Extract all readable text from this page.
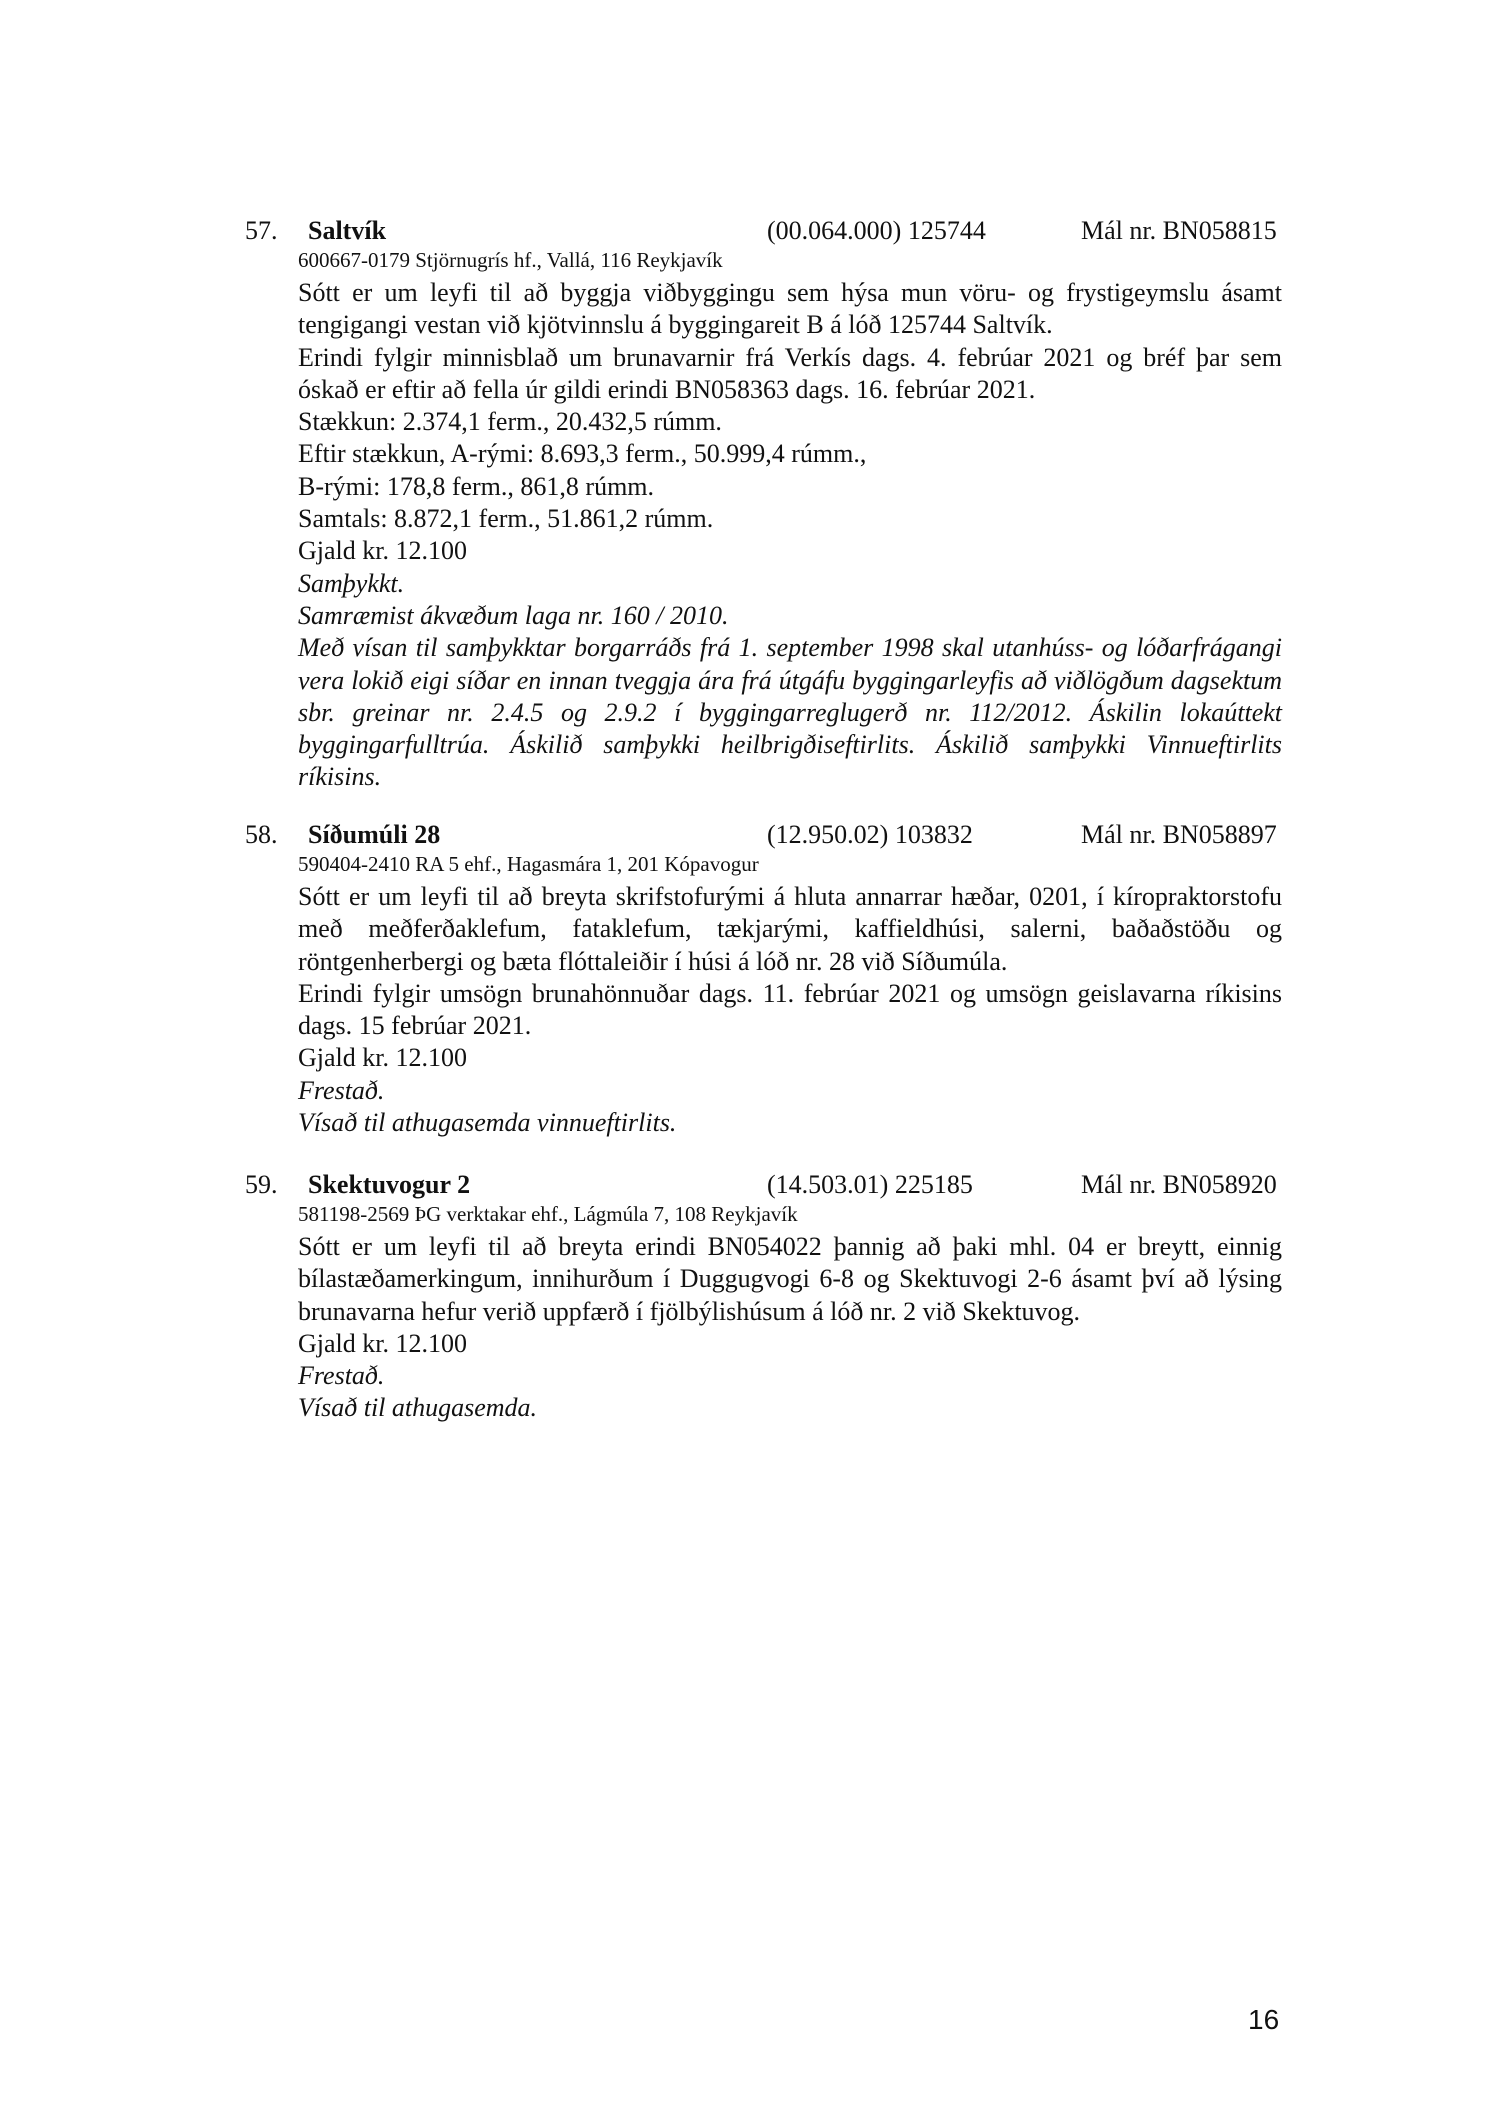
57. Saltvík	(00.064.000) 125744	Mál nr. BN058815
600667-0179 Stjörnugrís hf., Vallá, 116 Reykjavík

Sótt er um leyfi til að byggja viðbyggingu sem hýsa mun vöru- og frystigeymslu ásamt tengigangi vestan við kjötvinnslu á byggingareit B á lóð 125744 Saltvík.

Erindi fylgir minnisblað um brunavarnir frá Verkís dags. 4. febrúar 2021 og bréf þar sem óskað er eftir að fella úr gildi erindi BN058363 dags. 16. febrúar 2021.

Stækkun: 2.374,1 ferm., 20.432,5 rúmm.

Eftir stækkun, A-rými: 8.693,3 ferm., 50.999,4 rúmm.,

B-rými: 178,8 ferm., 861,8 rúmm.

Samtals: 8.872,1 ferm., 51.861,2 rúmm.

Gjald kr. 12.100

Samþykkt.

Samræmist ákvæðum laga nr. 160 / 2010.

Með vísan til samþykktar borgarráðs frá 1. september 1998 skal utanhúss- og lóðarfrágangi vera lokið eigi síðar en innan tveggja ára frá útgáfu byggingarleyfis að viðlögðum dagsektum sbr. greinar nr. 2.4.5 og 2.9.2 í byggingarreglugerð nr. 112/2012. Áskilin lokaúttekt byggingarfulltrúa. Áskilið samþykki heilbrigðiseftirlits. Áskilið samþykki Vinnueftirlits ríkisins.

58. Síðumúli 28	(12.950.02) 103832	Mál nr. BN058897
590404-2410 RA 5 ehf., Hagasmára 1, 201 Kópavogur

Sótt er um leyfi til að breyta skrifstofurými á hluta annarrar hæðar, 0201, í kíropraktorstofu með meðferðaklefum, fataklefum, tækjarými, kaffieldhúsi, salerni, baðaðstöðu og röntgenherbergi og bæta flóttaleiðir í húsi á lóð nr. 28 við Síðumúla.

Erindi fylgir umsögn brunahönnuðar dags. 11. febrúar 2021 og umsögn geislavarna ríkisins dags. 15 febrúar 2021.

Gjald kr. 12.100

Frestað.

Vísað til athugasemda vinnueftirlits.

59. Skektuvogur 2	(14.503.01) 225185	Mál nr. BN058920
581198-2569 ÞG verktakar ehf., Lágmúla 7, 108 Reykjavík

Sótt er um leyfi til að breyta erindi BN054022 þannig að þaki mhl. 04 er breytt, einnig bílastæðamerkingum, innihurðum í Duggugvogi 6-8 og Skektuvogi 2-6 ásamt því að lýsing brunavarna hefur verið uppfærð í fjölbýlishúsum á lóð nr. 2 við Skektuvog.

Gjald kr. 12.100

Frestað.

Vísað til athugasemda.

16
